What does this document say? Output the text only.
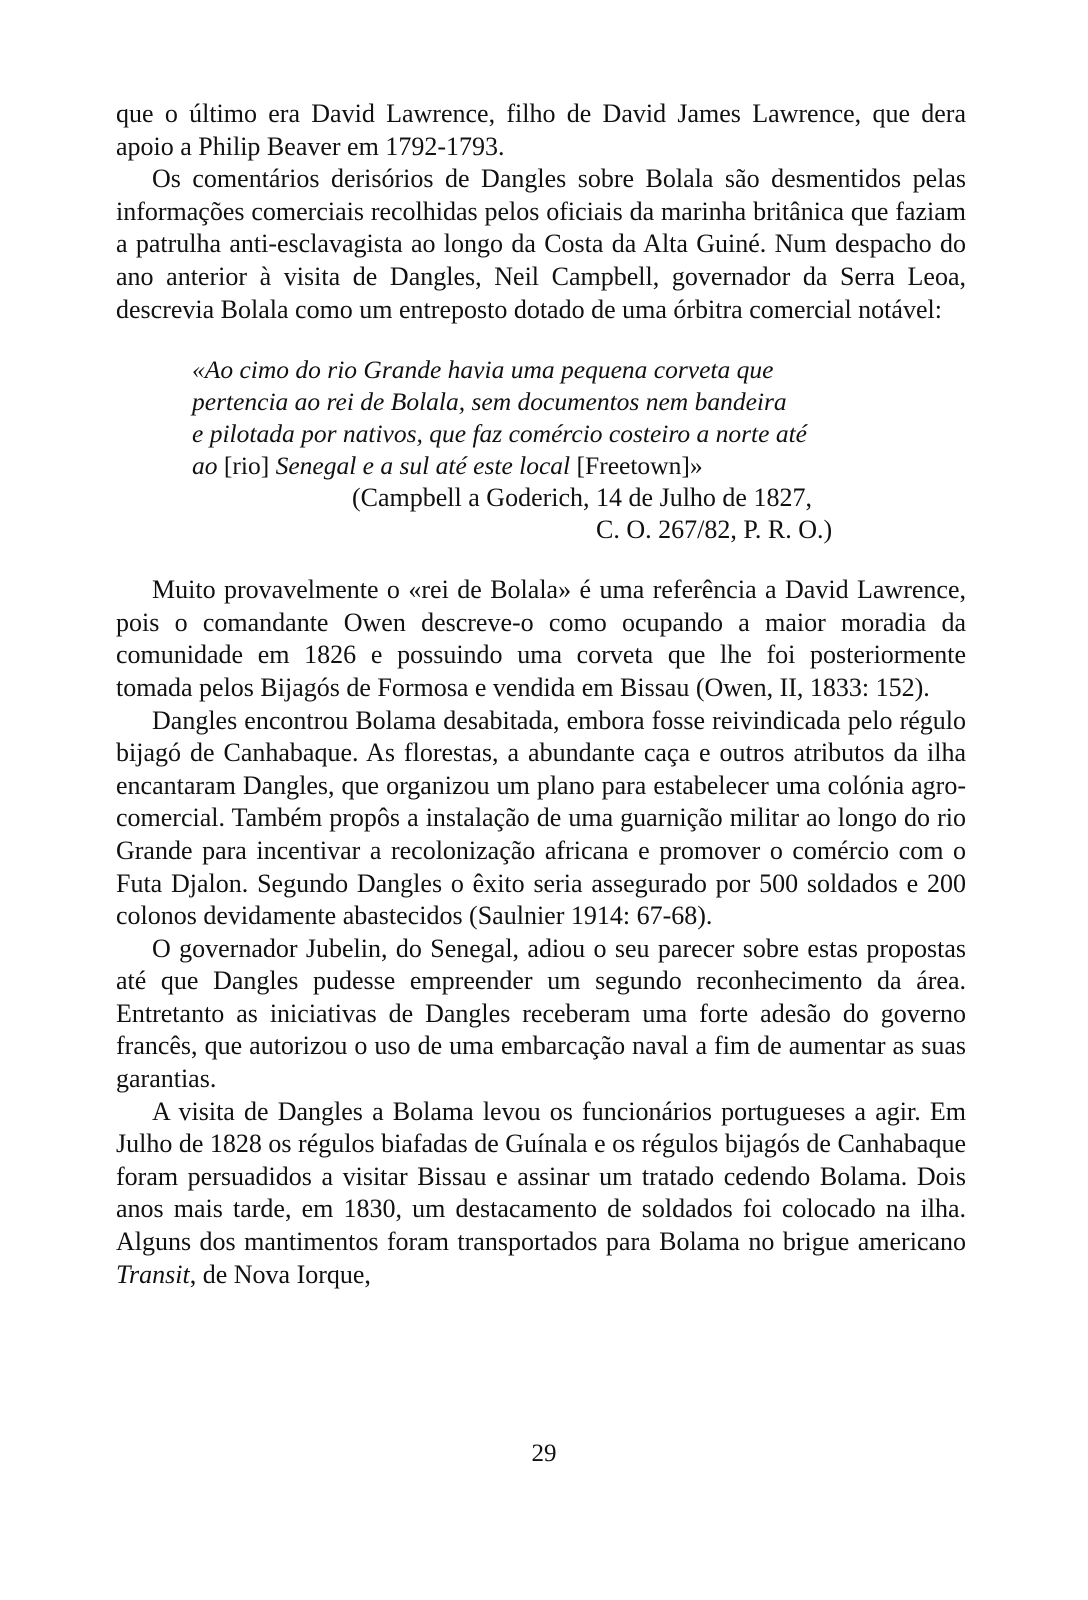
que o último era David Lawrence, filho de David James Lawrence, que dera apoio a Philip Beaver em 1792-1793.

Os comentários derisórios de Dangles sobre Bolala são desmentidos pelas informações comerciais recolhidas pelos oficiais da marinha britânica que faziam a patrulha anti-esclavagista ao longo da Costa da Alta Guiné. Num despacho do ano anterior à visita de Dangles, Neil Campbell, governador da Serra Leoa, descrevia Bolala como um entreposto dotado de uma órbitra comercial notável:

«Ao cimo do rio Grande havia uma pequena corveta que
pertencia ao rei de Bolala, sem documentos nem bandeira
e pilotada por nativos, que faz comércio costeiro a norte até
ao [rio] Senegal e a sul até este local [Freetown]»
(Campbell a Goderich, 14 de Julho de 1827,
C. O. 267/82, P. R. O.)

Muito provavelmente o «rei de Bolala» é uma referência a David Lawrence, pois o comandante Owen descreve-o como ocupando a maior moradia da comunidade em 1826 e possuindo uma corveta que lhe foi posteriormente tomada pelos Bijagós de Formosa e vendida em Bissau (Owen, II, 1833: 152).

Dangles encontrou Bolama desabitada, embora fosse reivindicada pelo régulo bijagó de Canhabaque. As florestas, a abundante caça e outros atributos da ilha encantaram Dangles, que organizou um plano para estabelecer uma colónia agro-comercial. Também propôs a instalação de uma guarnição militar ao longo do rio Grande para incentivar a recolonização africana e promover o comércio com o Futa Djalon. Segundo Dangles o êxito seria assegurado por 500 soldados e 200 colonos devidamente abastecidos (Saulnier 1914: 67-68).

O governador Jubelin, do Senegal, adiou o seu parecer sobre estas propostas até que Dangles pudesse empreender um segundo reconhecimento da área. Entretanto as iniciativas de Dangles receberam uma forte adesão do governo francês, que autorizou o uso de uma embarcação naval a fim de aumentar as suas garantias.

A visita de Dangles a Bolama levou os funcionários portugueses a agir. Em Julho de 1828 os régulos biafadas de Guínala e os régulos bijagós de Canhabaque foram persuadidos a visitar Bissau e assinar um tratado cedendo Bolama. Dois anos mais tarde, em 1830, um destacamento de soldados foi colocado na ilha. Alguns dos mantimentos foram transportados para Bolama no brigue americano Transit, de Nova Iorque,

29
